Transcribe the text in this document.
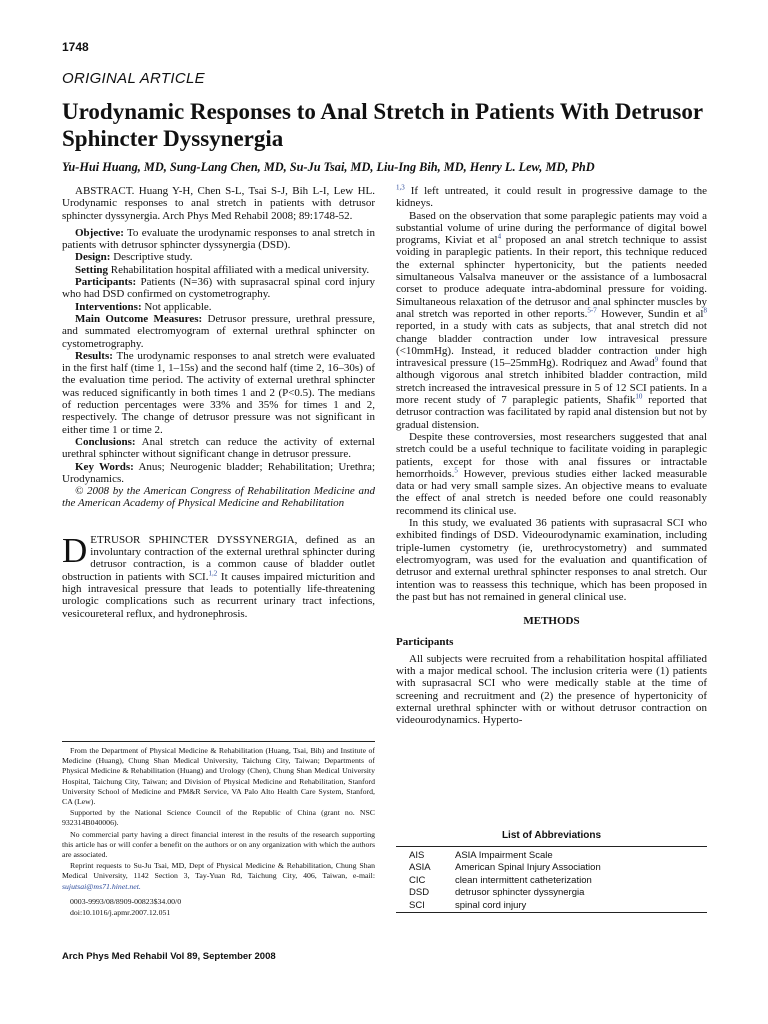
1748
ORIGINAL ARTICLE
Urodynamic Responses to Anal Stretch in Patients With Detrusor Sphincter Dyssynergia
Yu-Hui Huang, MD, Sung-Lang Chen, MD, Su-Ju Tsai, MD, Liu-Ing Bih, MD, Henry L. Lew, MD, PhD

ABSTRACT. Huang Y-H, Chen S-L, Tsai S-J, Bih L-I, Lew HL. Urodynamic responses to anal stretch in patients with detrusor sphincter dyssynergia. Arch Phys Med Rehabil 2008; 89:1748-52.

Objective: To evaluate the urodynamic responses to anal stretch in patients with detrusor sphincter dyssynergia (DSD).

Design: Descriptive study.

Setting Rehabilitation hospital affiliated with a medical university.

Participants: Patients (N=36) with suprasacral spinal cord injury who had DSD confirmed on cystometrography.

Interventions: Not applicable.

Main Outcome Measures: Detrusor pressure, urethral pressure, and summated electromyogram of external urethral sphincter on cystometrography.

Results: The urodynamic responses to anal stretch were evaluated in the first half (time 1, 1–15s) and the second half (time 2, 16–30s) of the evaluation time period. The activity of external urethral sphincter was reduced significantly in both times 1 and 2 (P<0.5). The medians of reduction percentages were 33% and 35% for times 1 and 2, respectively. The change of detrusor pressure was not significant in either time 1 or time 2.

Conclusions: Anal stretch can reduce the activity of external urethral sphincter without significant change in detrusor pressure.

Key Words: Anus; Neurogenic bladder; Rehabilitation; Urethra; Urodynamics.

© 2008 by the American Congress of Rehabilitation Medicine and the American Academy of Physical Medicine and Rehabilitation

DETRUSOR SPHINCTER DYSSYNERGIA, defined as an involuntary contraction of the external urethral sphincter during detrusor contraction, is a common cause of bladder outlet obstruction in patients with SCI.$^{1,2}$ It causes impaired micturition and high intravesical pressure that leads to potentially life-threatening urologic complications such as recurrent urinary tract infections, vesicoureteral reflux, and hydronephrosis.

$^{1,3}$ If left untreated, it could result in progressive damage to the kidneys.

Based on the observation that some paraplegic patients may void a substantial volume of urine during the performance of digital bowel programs, Kiviat et $al^4$ proposed an anal stretch technique to assist voiding in paraplegic patients. In their report, this technique reduced the external sphincter hypertonicity, but the patients needed simultaneous Valsalva maneuver or the assistance of a lumbosacral corset to produce adequate intra-abdominal pressure for voiding. Simultaneous relaxation of the detrusor and anal sphincter muscles by anal stretch was reported in other reports.$^{5-7}$ However, Sundin et $al^8$ reported, in a study with cats as subjects, that anal stretch did not change bladder contraction under low intravesical pressure (<10mmHg). Instead, it reduced bladder contraction under high intravesical pressure (15–25mmHg). Rodriquez and Awad$^9$ found that although vigorous anal stretch inhibited bladder contraction, mild stretch increased the intravesical pressure in 5 of 12 SCI patients. In a more recent study of 7 paraplegic patients, Shafik$^{10}$ reported that detrusor contraction was facilitated by rapid anal distension but not by gradual distension.

Despite these controversies, most researchers suggested that anal stretch could be a useful technique to facilitate voiding in paraplegic patients, except for those with anal fissures or intractable hemorrhoids.$^5$ However, previous studies either lacked measurable data or had very small sample sizes. An objective means to evaluate the effect of anal stretch is needed before one could reasonably recommend its clinical use.

In this study, we evaluated 36 patients with suprasacral SCI who exhibited findings of DSD. Videourodynamic examination, including triple-lumen cystometry (ie, urethrocystometry) and summated electromyogram, was used for the evaluation and quantification of detrusor and external urethral sphincter responses to anal stretch. Our intention was to reassess this technique, which has been proposed in the past but has not remained in general clinical use.

METHODS
Participants

All subjects were recruited from a rehabilitation hospital affiliated with a major medical school. The inclusion criteria were (1) patients with suprasacral SCI who were medically stable at the time of screening and recruitment and (2) the presence of hypertonicity of external urethral sphincter with or without detrusor contraction on videourodynamics. Hyperto-

From the Department of Physical Medicine & Rehabilitation (Huang, Tsai, Bih) and Institute of Medicine (Huang), Chung Shan Medical University, Taichung City, Taiwan; Departments of Physical Medicine & Rehabilitation (Huang) and Urology (Chen), Chung Shan Medical University Hospital, Taichung City, Taiwan; and Division of Physical Medicine and Rehabilitation, Stanford University School of Medicine and PM&R Service, VA Palo Alto Health Care System, Stanford, CA (Lew).

Supported by the National Science Council of the Republic of China (grant no. NSC 932314B040006).

No commercial party having a direct financial interest in the results of the research supporting this article has or will confer a benefit on the authors or on any organization with which the authors are associated.

Reprint requests to Su-Ju Tsai, MD, Dept of Physical Medicine & Rehabilitation, Chung Shan Medical University, 1142 Section 3, Tay-Yuan Rd, Taichung City, 406, Taiwan, e-mail: sujutsai@ms71.hinet.net.

0003-9993/08/8909-00823$34.00/0

doi:10.1016/j.apmr.2007.12.051

List of Abbreviations
AIS	ASIA Impairment Scale
ASIA	American Spinal Injury Association
CIC	clean intermittent catheterization
DSD	detrusor sphincter dyssynergia
SCI	spinal cord injury
Arch Phys Med Rehabil Vol 89, September 2008
